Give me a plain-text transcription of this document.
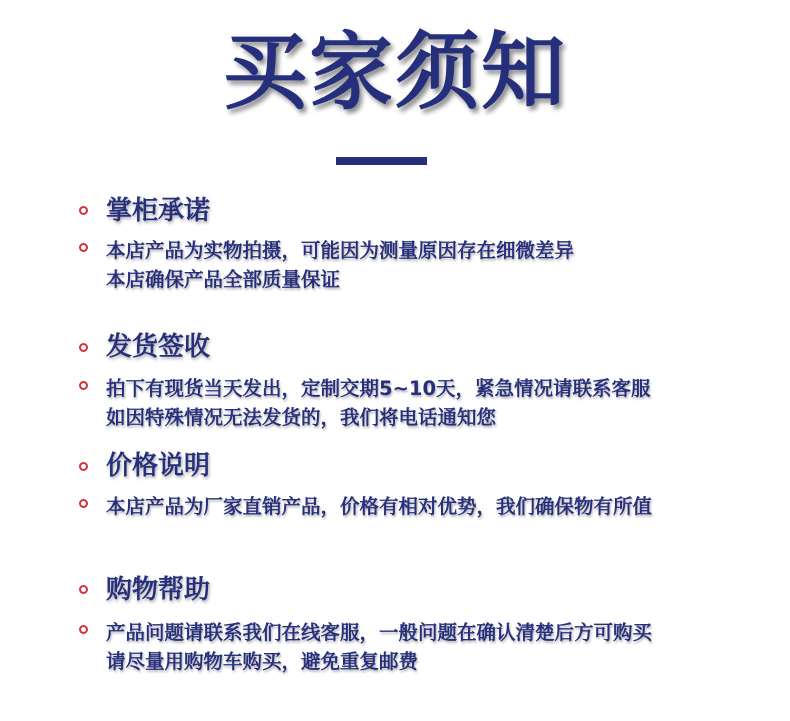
买家须知
掌柜承诺
本店产品为实物拍摄，可能因为测量原因存在细微差异
本店确保产品全部质量保证
发货签收
拍下有现货当天发出，定制交期5~10天，紧急情况请联系客服
如因特殊情况无法发货的，我们将电话通知您
价格说明
本店产品为厂家直销产品，价格有相对优势，我们确保物有所值
购物帮助
产品问题请联系我们在线客服，一般问题在确认清楚后方可购买
请尽量用购物车购买，避免重复邮费
